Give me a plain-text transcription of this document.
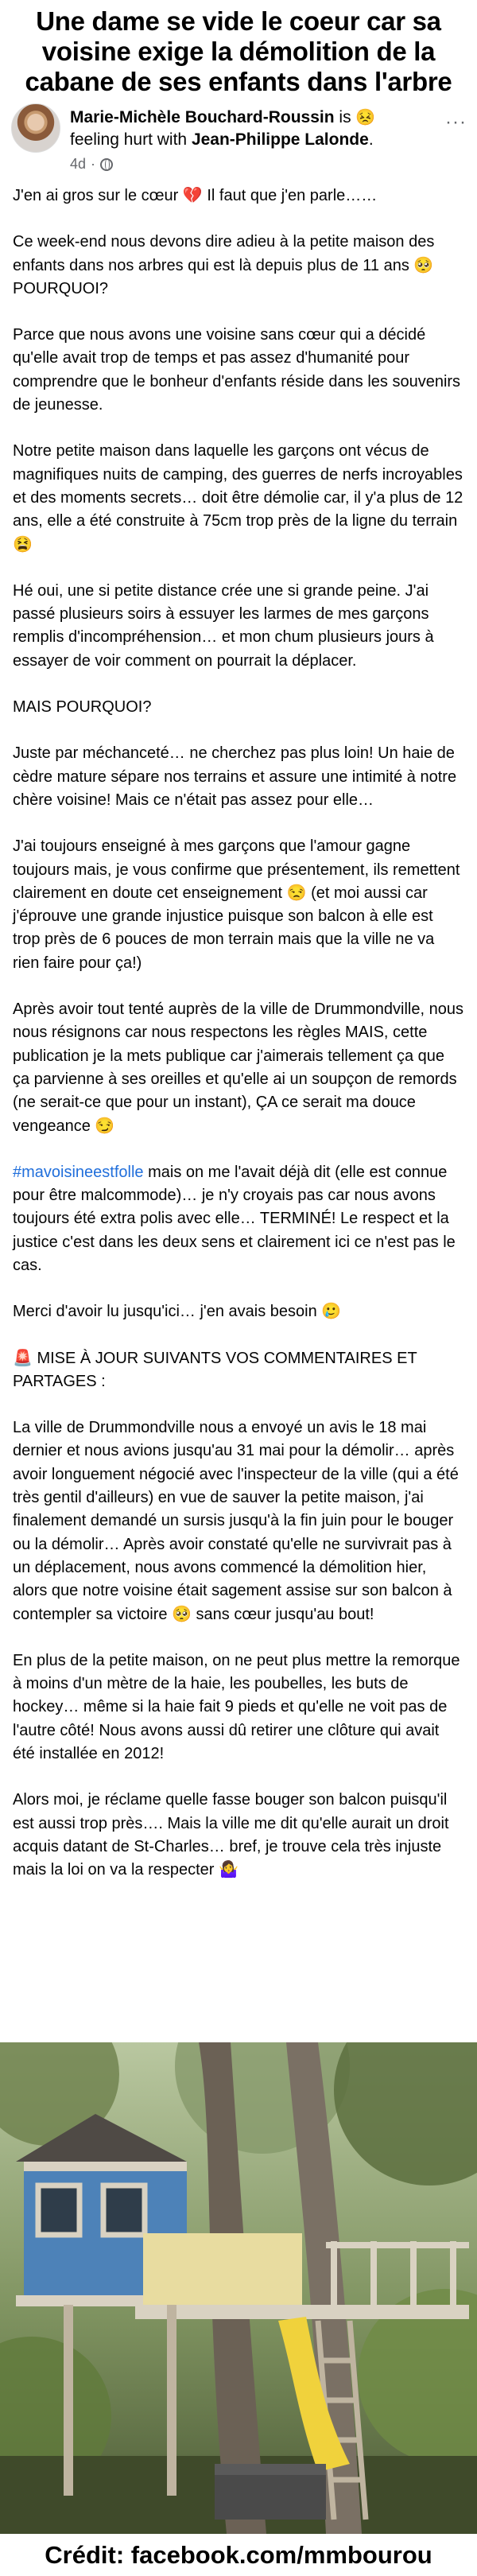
Une dame se vide le coeur car sa voisine exige la démolition de la cabane de ses enfants dans l'arbre
Marie-Michèle Bouchard-Roussin is 😣 feeling hurt with Jean-Philippe Lalonde.
4d ·
···

J'en ai gros sur le cœur 💔 Il faut que j'en parle……

Ce week-end nous devons dire adieu à la petite maison des enfants dans nos arbres qui est là depuis plus de 11 ans 🥺 POURQUOI?

Parce que nous avons une voisine sans cœur qui a décidé qu'elle avait trop de temps et pas assez d'humanité pour comprendre que le bonheur d'enfants réside dans les souvenirs de jeunesse.

Notre petite maison dans laquelle les garçons ont vécus de magnifiques nuits de camping, des guerres de nerfs incroyables et des moments secrets… doit être démolie car, il y'a plus de 12 ans, elle a été construite à 75cm trop près de la ligne du terrain 😫

Hé oui, une si petite distance crée une si grande peine. J'ai passé plusieurs soirs à essuyer les larmes de mes garçons remplis d'incompréhension… et mon chum plusieurs jours à essayer de voir comment on pourrait la déplacer.

MAIS POURQUOI?

Juste par méchanceté… ne cherchez pas plus loin! Un haie de cèdre mature sépare nos terrains et assure une intimité à notre chère voisine! Mais ce n'était pas assez pour elle…

J'ai toujours enseigné à mes garçons que l'amour gagne toujours mais, je vous confirme que présentement, ils remettent clairement en doute cet enseignement 😒 (et moi aussi car j'éprouve une grande injustice puisque son balcon à elle est trop près de 6 pouces de mon terrain mais que la ville ne va rien faire pour ça!)

Après avoir tout tenté auprès de la ville de Drummondville, nous nous résignons car nous respectons les règles MAIS, cette publication je la mets publique car j'aimerais tellement ça que ça parvienne à ses oreilles et qu'elle ai un soupçon de remords (ne serait-ce que pour un instant), ÇA ce serait ma douce vengeance 😏

#mavoisineestfolle mais on me l'avait déjà dit (elle est connue pour être malcommode)… je n'y croyais pas car nous avons toujours été extra polis avec elle… TERMINÉ! Le respect et la justice c'est dans les deux sens et clairement ici ce n'est pas le cas.

Merci d'avoir lu jusqu'ici… j'en avais besoin 🥲

🚨 MISE À JOUR SUIVANTS VOS COMMENTAIRES ET PARTAGES :

La ville de Drummondville nous a envoyé un avis le 18 mai dernier et nous avions jusqu'au 31 mai pour la démolir… après avoir longuement négocié avec l'inspecteur de la ville (qui a été très gentil d'ailleurs) en vue de sauver la petite maison, j'ai finalement demandé un sursis jusqu'à la fin juin pour le bouger ou la démolir… Après avoir constaté qu'elle ne survivrait pas à un déplacement, nous avons commencé la démolition hier, alors que notre voisine était sagement assise sur son balcon à contempler sa victoire 🥺 sans cœur jusqu'au bout!

En plus de la petite maison, on ne peut plus mettre la remorque à moins d'un mètre de la haie, les poubelles, les buts de hockey… même si la haie fait 9 pieds et qu'elle ne voit pas de l'autre côté! Nous avons aussi dû retirer une clôture qui avait été installée en 2012!

Alors moi, je réclame quelle fasse bouger son balcon puisqu'il est aussi trop près…. Mais la ville me dit qu'elle aurait un droit acquis datant de St-Charles… bref, je trouve cela très injuste mais la loi on va la respecter 🤷‍♀️

Crédit: facebook.com/mmbourou
